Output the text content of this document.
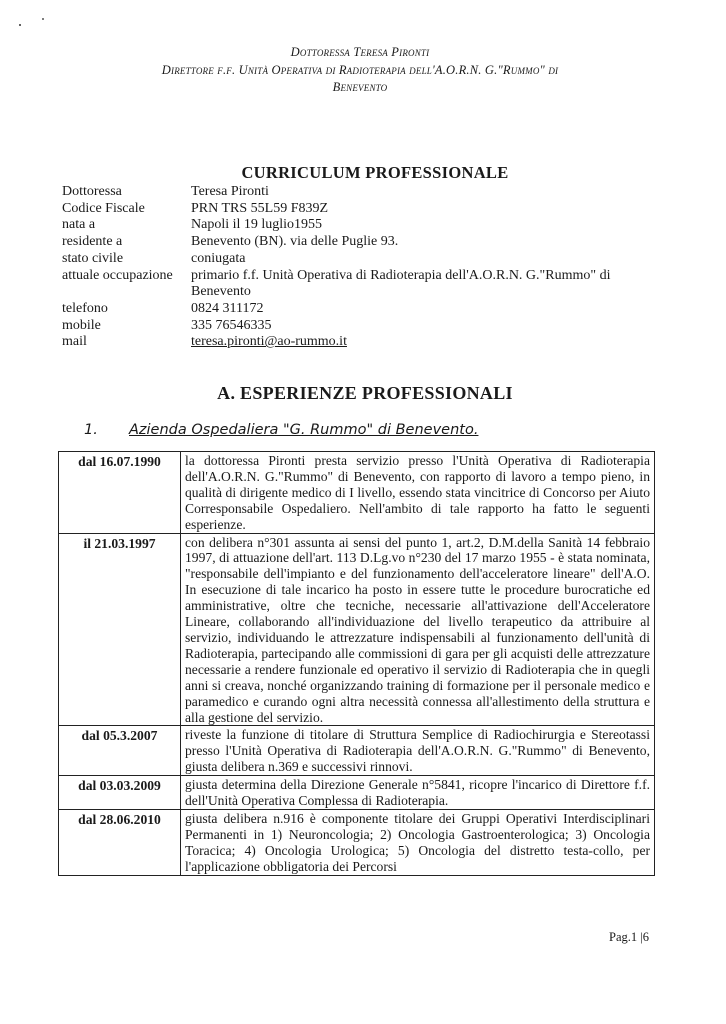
Dottoressa Teresa Pironti
Direttore f.f. Unità Operativa di Radioterapia dell'A.O.R.N. G."Rummo" di
Benevento
CURRICULUM PROFESSIONALE
Dottoressa	Teresa Pironti
Codice Fiscale	PRN TRS 55L59 F839Z
nata a	Napoli il 19 luglio1955
residente a	Benevento (BN). via delle Puglie 93.
stato civile	coniugata
attuale occupazione	primario f.f. Unità Operativa di Radioterapia dell'A.O.R.N. G."Rummo" di Benevento
telefono	0824 311172
mobile	335 76546335
mail	teresa.pironti@ao-rummo.it
A. ESPERIENZE PROFESSIONALI
1. Azienda Ospedaliera "G. Rummo" di Benevento.
dal 16.07.1990	la dottoressa Pironti presta servizio presso l'Unità Operativa di Radioterapia dell'A.O.R.N. G."Rummo" di Benevento, con rapporto di lavoro a tempo pieno, in qualità di dirigente medico di I livello, essendo stata vincitrice di Concorso per Aiuto Corresponsabile Ospedaliero. Nell'ambito di tale rapporto ha fatto le seguenti esperienze.
il 21.03.1997	con delibera n°301 assunta ai sensi del punto 1, art.2, D.M.della Sanità 14 febbraio 1997, di attuazione dell'art. 113 D.Lg.vo n°230 del 17 marzo 1955 - è stata nominata, "responsabile dell'impianto e del funzionamento dell'acceleratore lineare" dell'A.O. In esecuzione di tale incarico ha posto in essere tutte le procedure burocratiche ed amministrative, oltre che tecniche, necessarie all'attivazione dell'Acceleratore Lineare, collaborando all'individuazione del livello terapeutico da attribuire al servizio, individuando le attrezzature indispensabili al funzionamento dell'unità di Radioterapia, partecipando alle commissioni di gara per gli acquisti delle attrezzature necessarie a rendere funzionale ed operativo il servizio di Radioterapia che in quegli anni si creava, nonché organizzando training di formazione per il personale medico e paramedico e curando ogni altra necessità connessa all'allestimento della struttura e alla gestione del servizio.
dal 05.3.2007	riveste la funzione di titolare di Struttura Semplice di Radiochirurgia e Stereotassi presso l'Unità Operativa di Radioterapia dell'A.O.R.N. G."Rummo" di Benevento, giusta delibera n.369 e successivi rinnovi.
dal 03.03.2009	giusta determina della Direzione Generale n°5841, ricopre l'incarico di Direttore f.f. dell'Unità Operativa Complessa di Radioterapia.
dal 28.06.2010	giusta delibera n.916 è componente titolare dei Gruppi Operativi Interdisciplinari Permanenti in 1) Neuroncologia; 2) Oncologia Gastroenterologica; 3) Oncologia Toracica; 4) Oncologia Urologica; 5) Oncologia del distretto testa-collo, per l'applicazione obbligatoria dei Percorsi
Pag.1 |6
